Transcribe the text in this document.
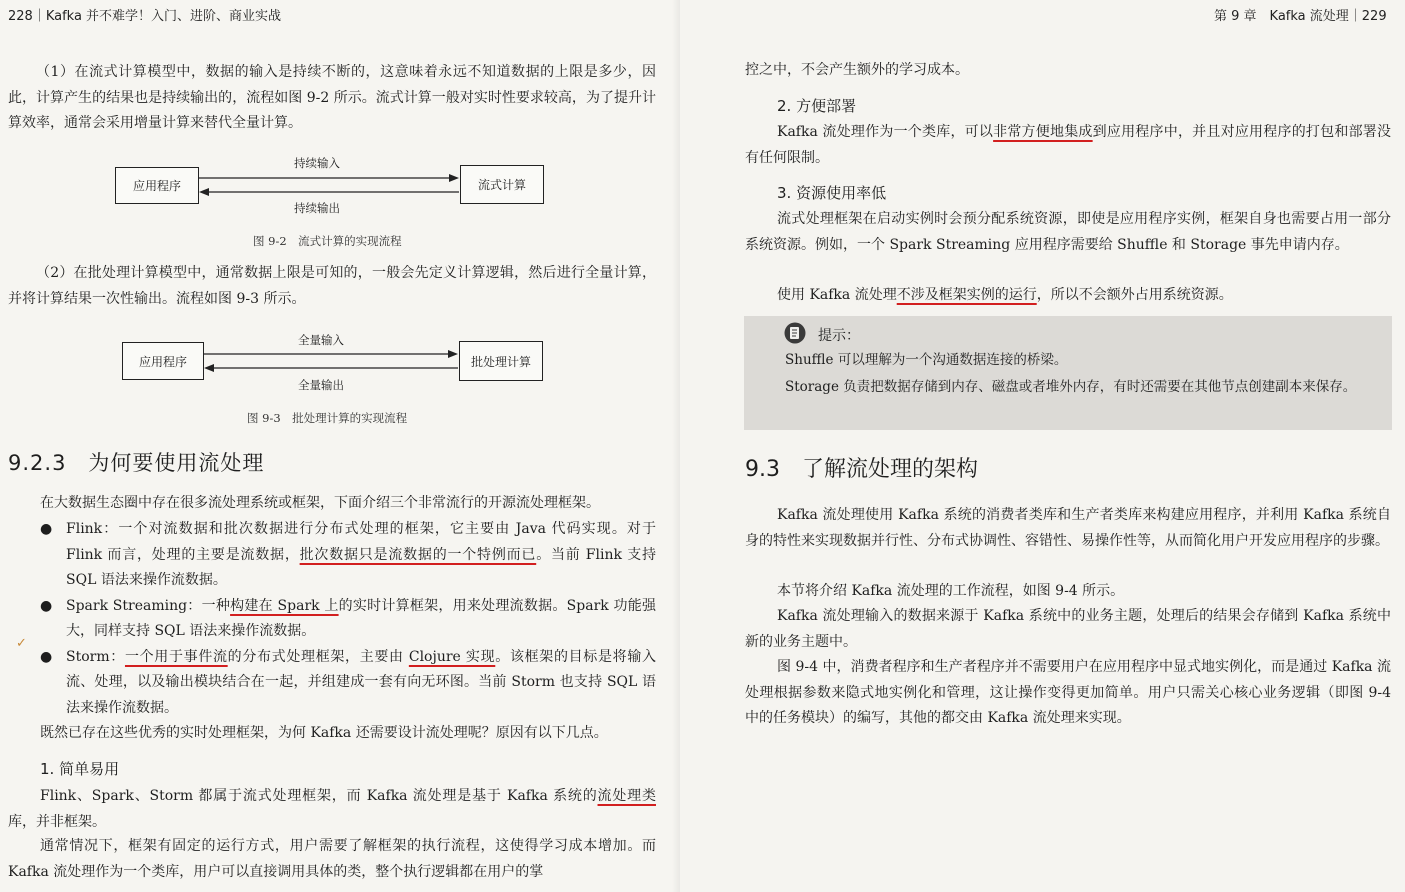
228｜Kafka 并不难学！入门、进阶、商业实战
（1）在流式计算模型中，数据的输入是持续不断的，这意味着永远不知道数据的上限是多少，因此，计算产生的结果也是持续输出的，流程如图 9-2 所示。流式计算一般对实时性要求较高，为了提升计算效率，通常会采用增量计算来替代全量计算。
应用程序	流式计算
持续输入
持续输出
图 9-2　流式计算的实现流程
（2）在批处理计算模型中，通常数据上限是可知的，一般会先定义计算逻辑，然后进行全量计算，并将计算结果一次性输出。流程如图 9-3 所示。
应用程序	批处理计算
全量输入
全量输出
图 9-3　批处理计算的实现流程
9.2.3　为何要使用流处理
在大数据生态圈中存在很多流处理系统或框架，下面介绍三个非常流行的开源流处理框架。
● Flink：一个对流数据和批次数据进行分布式处理的框架，它主要由 Java 代码实现。对于 Flink 而言，处理的主要是流数据，批次数据只是流数据的一个特例而已。当前 Flink 支持 SQL 语法来操作流数据。
● Spark Streaming：一种构建在 Spark 上的实时计算框架，用来处理流数据。Spark 功能强大，同样支持 SQL 语法来操作流数据。
● Storm：一个用于事件流的分布式处理框架，主要由 Clojure 实现。该框架的目标是将输入流、处理，以及输出模块结合在一起，并组建成一套有向无环图。当前 Storm 也支持 SQL 语法来操作流数据。
✓
既然已存在这些优秀的实时处理框架，为何 Kafka 还需要设计流处理呢？原因有以下几点。
1. 简单易用
Flink、Spark、Storm 都属于流式处理框架，而 Kafka 流处理是基于 Kafka 系统的流处理类库，并非框架。
通常情况下，框架有固定的运行方式，用户需要了解框架的执行流程，这使得学习成本增加。而 Kafka 流处理作为一个类库，用户可以直接调用具体的类，整个执行逻辑都在用户的掌
第 9 章　Kafka 流处理｜229
控之中，不会产生额外的学习成本。
2. 方便部署
Kafka 流处理作为一个类库，可以非常方便地集成到应用程序中，并且对应用程序的打包和部署没有任何限制。
3. 资源使用率低
流式处理框架在启动实例时会预分配系统资源，即使是应用程序实例，框架自身也需要占用一部分系统资源。例如，一个 Spark Streaming 应用程序需要给 Shuffle 和 Storage 事先申请内存。
使用 Kafka 流处理不涉及框架实例的运行，所以不会额外占用系统资源。
提示：
Shuffle 可以理解为一个沟通数据连接的桥梁。
Storage 负责把数据存储到内存、磁盘或者堆外内存，有时还需要在其他节点创建副本来保存。
9.3　了解流处理的架构
Kafka 流处理使用 Kafka 系统的消费者类库和生产者类库来构建应用程序，并利用 Kafka 系统自身的特性来实现数据并行性、分布式协调性、容错性、易操作性等，从而简化用户开发应用程序的步骤。
本节将介绍 Kafka 流处理的工作流程，如图 9-4 所示。
Kafka 流处理输入的数据来源于 Kafka 系统中的业务主题，处理后的结果会存储到 Kafka 系统中新的业务主题中。
图 9-4 中，消费者程序和生产者程序并不需要用户在应用程序中显式地实例化，而是通过 Kafka 流处理根据参数来隐式地实例化和管理，这让操作变得更加简单。用户只需关心核心业务逻辑（即图 9-4 中的任务模块）的编写，其他的都交由 Kafka 流处理来实现。
